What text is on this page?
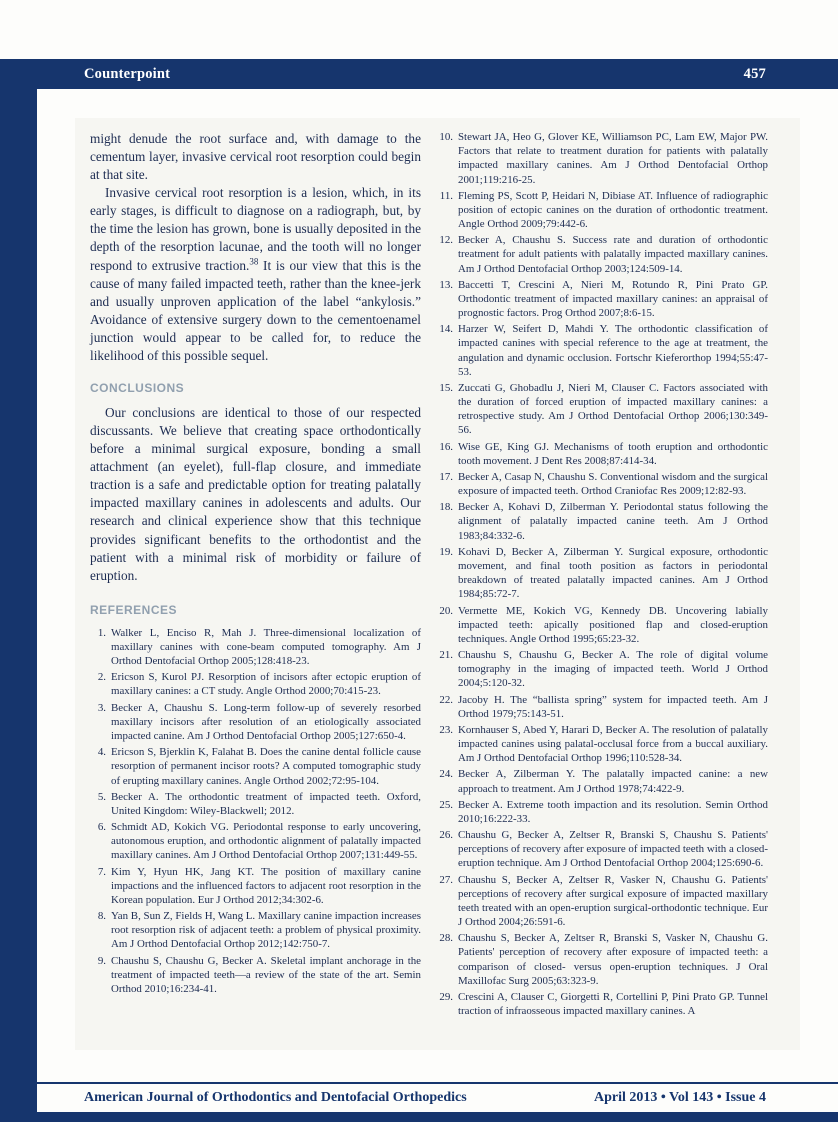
Counterpoint	457

might denude the root surface and, with damage to the cementum layer, invasive cervical root resorption could begin at that site.

Invasive cervical root resorption is a lesion, which, in its early stages, is difficult to diagnose on a radiograph, but, by the time the lesion has grown, bone is usually deposited in the depth of the resorption lacunae, and the tooth will no longer respond to extrusive traction.$^{38}$ It is our view that this is the cause of many failed impacted teeth, rather than the knee-jerk and usually unproven application of the label “ankylosis.” Avoidance of extensive surgery down to the cementoenamel junction would appear to be called for, to reduce the likelihood of this possible sequel.

CONCLUSIONS

Our conclusions are identical to those of our respected discussants. We believe that creating space orthodontically before a minimal surgical exposure, bonding a small attachment (an eyelet), full-flap closure, and immediate traction is a safe and predictable option for treating palatally impacted maxillary canines in adolescents and adults. Our research and clinical experience show that this technique provides significant benefits to the orthodontist and the patient with a minimal risk of morbidity or failure of eruption.

REFERENCES
1. Walker L, Enciso R, Mah J. Three-dimensional localization of maxillary canines with cone-beam computed tomography. Am J Orthod Dentofacial Orthop 2005;128:418-23.
2. Ericson S, Kurol PJ. Resorption of incisors after ectopic eruption of maxillary canines: a CT study. Angle Orthod 2000;70:415-23.
3. Becker A, Chaushu S. Long-term follow-up of severely resorbed maxillary incisors after resolution of an etiologically associated impacted canine. Am J Orthod Dentofacial Orthop 2005;127:650-4.
4. Ericson S, Bjerklin K, Falahat B. Does the canine dental follicle cause resorption of permanent incisor roots? A computed tomographic study of erupting maxillary canines. Angle Orthod 2002;72:95-104.
5. Becker A. The orthodontic treatment of impacted teeth. Oxford, United Kingdom: Wiley-Blackwell; 2012.
6. Schmidt AD, Kokich VG. Periodontal response to early uncovering, autonomous eruption, and orthodontic alignment of palatally impacted maxillary canines. Am J Orthod Dentofacial Orthop 2007;131:449-55.
7. Kim Y, Hyun HK, Jang KT. The position of maxillary canine impactions and the influenced factors to adjacent root resorption in the Korean population. Eur J Orthod 2012;34:302-6.
8. Yan B, Sun Z, Fields H, Wang L. Maxillary canine impaction increases root resorption risk of adjacent teeth: a problem of physical proximity. Am J Orthod Dentofacial Orthop 2012;142:750-7.
9. Chaushu S, Chaushu G, Becker A. Skeletal implant anchorage in the treatment of impacted teeth—a review of the state of the art. Semin Orthod 2010;16:234-41.
10. Stewart JA, Heo G, Glover KE, Williamson PC, Lam EW, Major PW. Factors that relate to treatment duration for patients with palatally impacted maxillary canines. Am J Orthod Dentofacial Orthop 2001;119:216-25.
11. Fleming PS, Scott P, Heidari N, Dibiase AT. Influence of radiographic position of ectopic canines on the duration of orthodontic treatment. Angle Orthod 2009;79:442-6.
12. Becker A, Chaushu S. Success rate and duration of orthodontic treatment for adult patients with palatally impacted maxillary canines. Am J Orthod Dentofacial Orthop 2003;124:509-14.
13. Baccetti T, Crescini A, Nieri M, Rotundo R, Pini Prato GP. Orthodontic treatment of impacted maxillary canines: an appraisal of prognostic factors. Prog Orthod 2007;8:6-15.
14. Harzer W, Seifert D, Mahdi Y. The orthodontic classification of impacted canines with special reference to the age at treatment, the angulation and dynamic occlusion. Fortschr Kieferorthop 1994;55:47-53.
15. Zuccati G, Ghobadlu J, Nieri M, Clauser C. Factors associated with the duration of forced eruption of impacted maxillary canines: a retrospective study. Am J Orthod Dentofacial Orthop 2006;130:349-56.
16. Wise GE, King GJ. Mechanisms of tooth eruption and orthodontic tooth movement. J Dent Res 2008;87:414-34.
17. Becker A, Casap N, Chaushu S. Conventional wisdom and the surgical exposure of impacted teeth. Orthod Craniofac Res 2009;12:82-93.
18. Becker A, Kohavi D, Zilberman Y. Periodontal status following the alignment of palatally impacted canine teeth. Am J Orthod 1983;84:332-6.
19. Kohavi D, Becker A, Zilberman Y. Surgical exposure, orthodontic movement, and final tooth position as factors in periodontal breakdown of treated palatally impacted canines. Am J Orthod 1984;85:72-7.
20. Vermette ME, Kokich VG, Kennedy DB. Uncovering labially impacted teeth: apically positioned flap and closed-eruption techniques. Angle Orthod 1995;65:23-32.
21. Chaushu S, Chaushu G, Becker A. The role of digital volume tomography in the imaging of impacted teeth. World J Orthod 2004;5:120-32.
22. Jacoby H. The “ballista spring” system for impacted teeth. Am J Orthod 1979;75:143-51.
23. Kornhauser S, Abed Y, Harari D, Becker A. The resolution of palatally impacted canines using palatal-occlusal force from a buccal auxiliary. Am J Orthod Dentofacial Orthop 1996;110:528-34.
24. Becker A, Zilberman Y. The palatally impacted canine: a new approach to treatment. Am J Orthod 1978;74:422-9.
25. Becker A. Extreme tooth impaction and its resolution. Semin Orthod 2010;16:222-33.
26. Chaushu G, Becker A, Zeltser R, Branski S, Chaushu S. Patients' perceptions of recovery after exposure of impacted teeth with a closed-eruption technique. Am J Orthod Dentofacial Orthop 2004;125:690-6.
27. Chaushu S, Becker A, Zeltser R, Vasker N, Chaushu G. Patients' perceptions of recovery after surgical exposure of impacted maxillary teeth treated with an open-eruption surgical-orthodontic technique. Eur J Orthod 2004;26:591-6.
28. Chaushu S, Becker A, Zeltser R, Branski S, Vasker N, Chaushu G. Patients' perception of recovery after exposure of impacted teeth: a comparison of closed- versus open-eruption techniques. J Oral Maxillofac Surg 2005;63:323-9.
29. Crescini A, Clauser C, Giorgetti R, Cortellini P, Pini Prato GP. Tunnel traction of infraosseous impacted maxillary canines. A
American Journal of Orthodontics and Dentofacial Orthopedics	April 2013 • Vol 143 • Issue 4
